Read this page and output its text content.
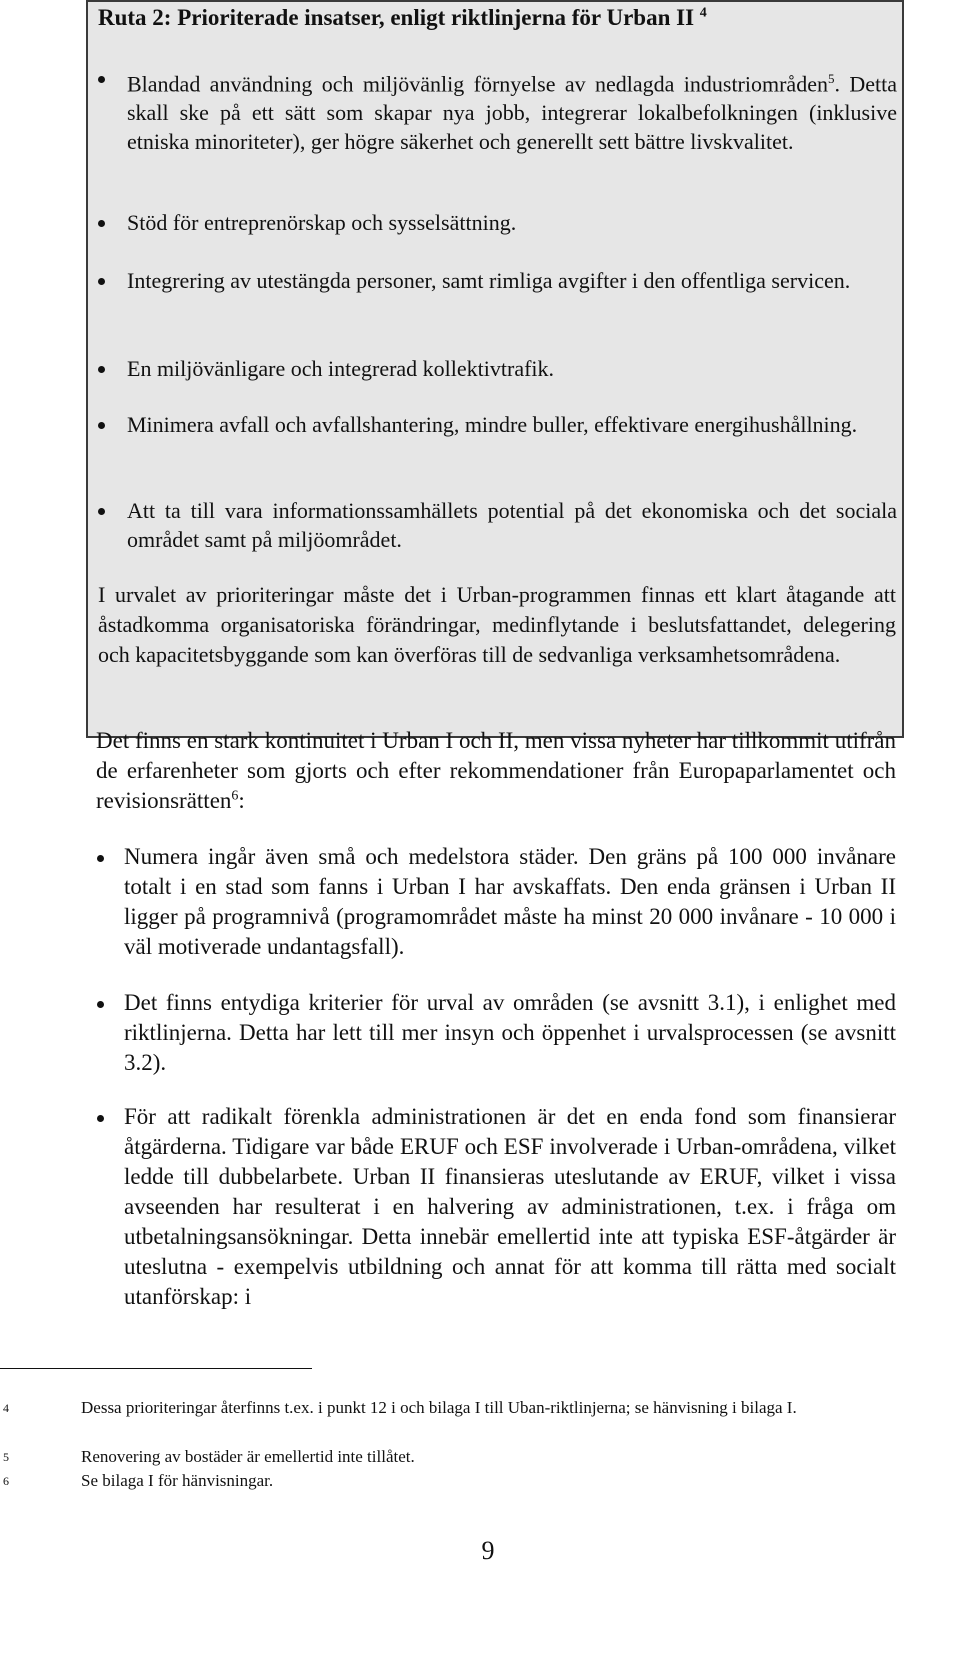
Ruta 2: Prioriterade insatser, enligt riktlinjerna för Urban II $^4$
Blandad användning och miljövänlig förnyelse av nedlagda industriområden$^5$. Detta skall ske på ett sätt som skapar nya jobb, integrerar lokalbefolkningen (inklusive etniska minoriteter), ger högre säkerhet och generellt sett bättre livskvalitet.
Stöd för entreprenörskap och sysselsättning.
Integrering av utestängda personer, samt rimliga avgifter i den offentliga servicen.
En miljövänligare och integrerad kollektivtrafik.
Minimera avfall och avfallshantering, mindre buller, effektivare energihushållning.
Att ta till vara informationssamhällets potential på det ekonomiska och det sociala området samt på miljöområdet.
I urvalet av prioriteringar måste det i Urban-programmen finnas ett klart åtagande att åstadkomma organisatoriska förändringar, medinflytande i beslutsfattandet, delegering och kapacitetsbyggande som kan överföras till de sedvanliga verksamhetsområdena.
Det finns en stark kontinuitet i Urban I och II, men vissa nyheter har tillkommit utifrån de erfarenheter som gjorts och efter rekommendationer från Europaparlamentet och revisionsrätten$^6$:
Numera ingår även små och medelstora städer. Den gräns på 100 000 invånare totalt i en stad som fanns i Urban I har avskaffats. Den enda gränsen i Urban II ligger på programnivå (programområdet måste ha minst 20 000 invånare - 10 000 i väl motiverade undantagsfall).
Det finns entydiga kriterier för urval av områden (se avsnitt 3.1), i enlighet med riktlinjerna. Detta har lett till mer insyn och öppenhet i urvalsprocessen (se avsnitt 3.2).
För att radikalt förenkla administrationen är det en enda fond som finansierar åtgärderna. Tidigare var både ERUF och ESF involverade i Urban-områdena, vilket ledde till dubbelarbete. Urban II finansieras uteslutande av ERUF, vilket i vissa avseenden har resulterat i en halvering av administrationen, t.ex. i fråga om utbetalningsansökningar. Detta innebär emellertid inte att typiska ESF-åtgärder är uteslutna - exempelvis utbildning och annat för att komma till rätta med socialt utanförskap: i
4	Dessa prioriteringar återfinns t.ex. i punkt 12 i och bilaga I till Uban-riktlinjerna; se hänvisning i bilaga I.
5	Renovering av bostäder är emellertid inte tillåtet.
6	Se bilaga I för hänvisningar.
9
